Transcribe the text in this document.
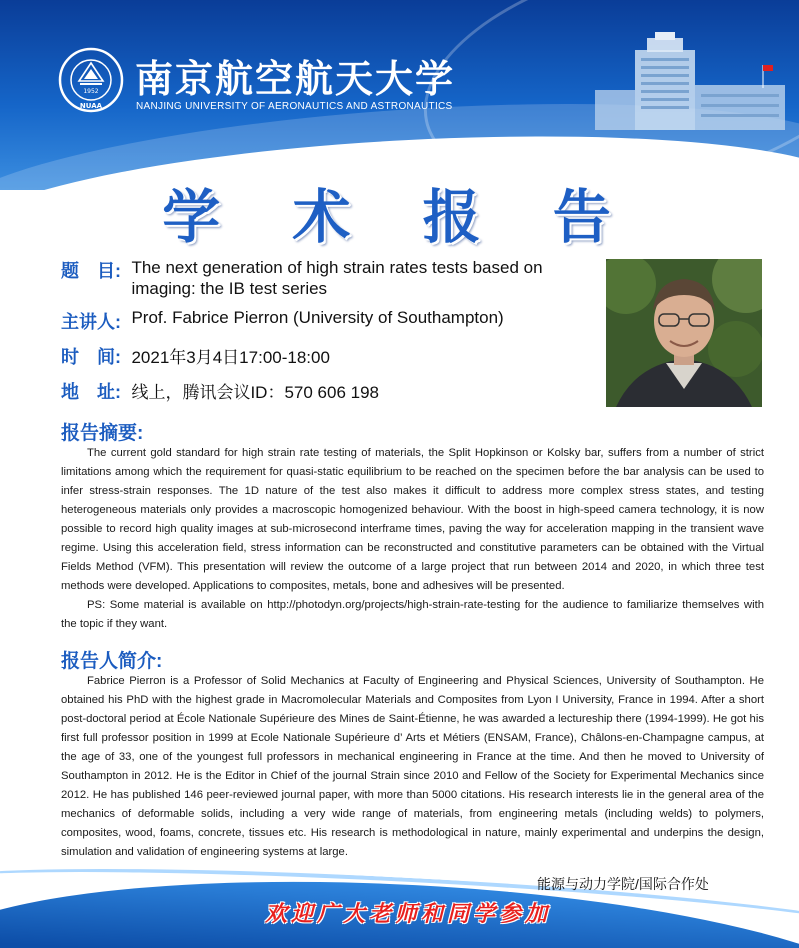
1952
NUAA
南京航空航天大学
NANJING UNIVERSITY OF AERONAUTICS AND ASTRONAUTICS
学 术 报 告
题　目: The next generation of high strain rates tests based on
imaging: the IB test series
主讲人: Prof. Fabrice Pierron (University of Southampton)
时　间: 2021年3月4日17:00-18:00
地　址: 线上，腾讯会议ID：570 606 198
报告摘要:

The current gold standard for high strain rate testing of materials, the Split Hopkinson or Kolsky bar, suffers from a number of strict limitations among which the requirement for quasi-static equilibrium to be reached on the specimen before the bar analysis can be used to infer stress-strain responses. The 1D nature of the test also makes it difficult to address more complex stress states, and testing heterogeneous materials only provides a macroscopic homogenized behaviour. With the boost in high-speed camera technology, it is now possible to record high quality images at sub-microsecond interframe times, paving the way for acceleration mapping in the transient wave regime. Using this acceleration field, stress information can be reconstructed and constitutive parameters can be obtained with the Virtual Fields Method (VFM). This presentation will review the outcome of a large project that run between 2014 and 2020, in which three test methods were developed. Applications to composites, metals, bone and adhesives will be presented.

PS: Some material is available on http://photodyn.org/projects/high-strain-rate-testing for the audience to familiarize themselves with the topic if they want.

报告人简介:

Fabrice Pierron is a Professor of Solid Mechanics at Faculty of Engineering and Physical Sciences, University of Southampton. He obtained his PhD with the highest grade in Macromolecular Materials and Composites from Lyon I University, France in 1994. After a short post-doctoral period at École Nationale Supérieure des Mines de Saint-Étienne, he was awarded a lectureship there (1994-1999). He got his first full professor position in 1999 at Ecole Nationale Supérieure d’ Arts et Métiers (ENSAM, France), Châlons-en-Champagne campus, at the age of 33, one of the youngest full professors in mechanical engineering in France at the time. And then he moved to University of Southampton in 2012. He is the Editor in Chief of the journal Strain since 2010 and Fellow of the Society for Experimental Mechanics since 2012. He has published 146 peer-reviewed journal paper, with more than 5000 citations. His research interests lie in the general area of the mechanics of deformable solids, including a very wide range of materials, from engineering metals (including welds) to polymers, composites, wood, foams, concrete, tissues etc. His research is methodological in nature, mainly experimental and underpins the design, simulation and validation of engineering systems at large.

能源与动力学院/国际合作处
欢迎广大老师和同学参加
